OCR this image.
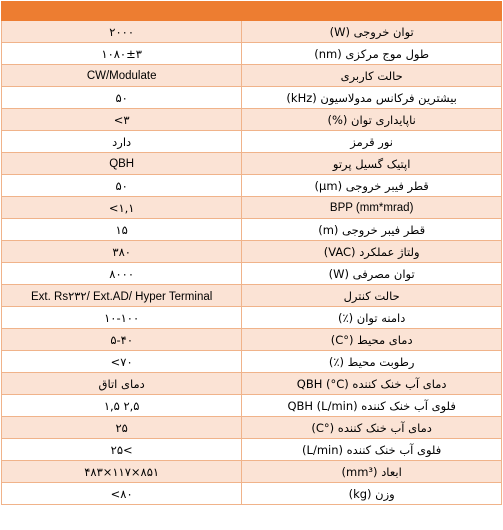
۲۰۰۰	توان خروجی (W)
۱۰۸۰±۳	طول موج مرکزی (nm)
CW/Modulate	حالت کاربری
۵۰	بیشترین فرکانس مدولاسیون (kHz)
<۳	ناپایداری توان (%)
دارد	نور قرمز
QBH	اپتیک گسیل پرتو
۵۰	قطر فیبر خروجی (µm)
<۱,۱	BPP (mm*mrad)
۱۵	قطر فیبر خروجی (m)
۳۸۰	ولتاژ عملکرد (VAC)
۸۰۰۰	توان مصرفی (W)
Ext. Rs۲۳۲/ Ext.AD/ Hyper Terminal	حالت کنترل
۱۰-۱۰۰	دامنه توان (٪)
۵-۴۰	دمای محیط (°C)
<۷۰	رطوبت محیط (٪)
دمای اتاق	دمای آب خنک کننده QBH (°C)
۱,۵ ۲,۵	فلوی آب خنک کننده QBH (L/min)
۲۵	دمای آب خنک کننده (°C)
۲۵<	فلوی آب خنک کننده (L/min)
۴۸۳×۱۱۷×۸۵۱	ابعاد (mm³)
<۸۰	وزن (kg)
